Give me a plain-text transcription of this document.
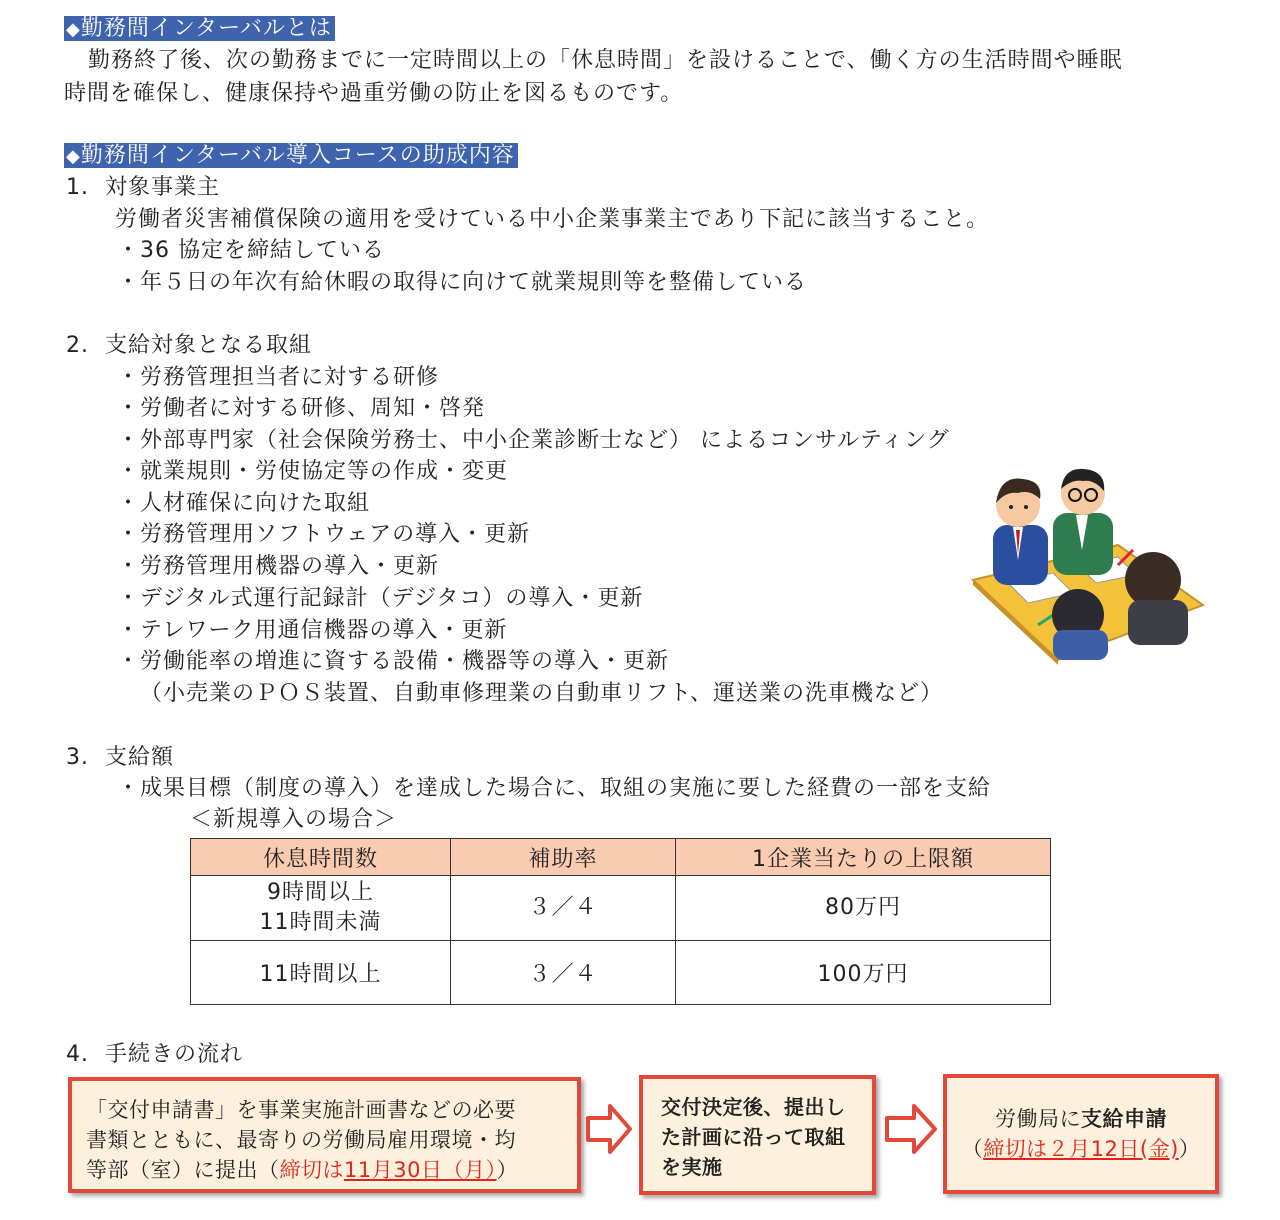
◆勤務間インターバルとは
勤務終了後、次の勤務までに一定時間以上の「休息時間」を設けることで、働く方の生活時間や睡眠
時間を確保し、健康保持や過重労働の防止を図るものです。
◆勤務間インターバル導入コースの助成内容
1. 対象事業主
労働者災害補償保険の適用を受けている中小企業事業主であり下記に該当すること。
・36 協定を締結している
・年５日の年次有給休暇の取得に向けて就業規則等を整備している
2. 支給対象となる取組
・労務管理担当者に対する研修
・労働者に対する研修、周知・啓発
・外部専門家（社会保険労務士、中小企業診断士など） によるコンサルティング
・就業規則・労使協定等の作成・変更
・人材確保に向けた取組
・労務管理用ソフトウェアの導入・更新
・労務管理用機器の導入・更新
・デジタル式運行記録計（デジタコ）の導入・更新
・テレワーク用通信機器の導入・更新
・労働能率の増進に資する設備・機器等の導入・更新
（小売業のＰＯＳ装置、自動車修理業の自動車リフト、運送業の洗車機など）
3. 支給額
・成果目標（制度の導入）を達成した場合に、取組の実施に要した経費の一部を支給
＜新規導入の場合＞
休息時間数	補助率	1企業当たりの上限額

9時間以上
11時間未満	３／４	80万円
11時間以上	３／４	100万円
4. 手続きの流れ
「交付申請書」を事業実施計画書などの必要
書類とともに、最寄りの労働局雇用環境・均
等部（室）に提出（締切は11月30日（月））
交付決定後、提出し
た計画に沿って取組
を実施
労働局に支給申請
（締切は２月12日(金)）
